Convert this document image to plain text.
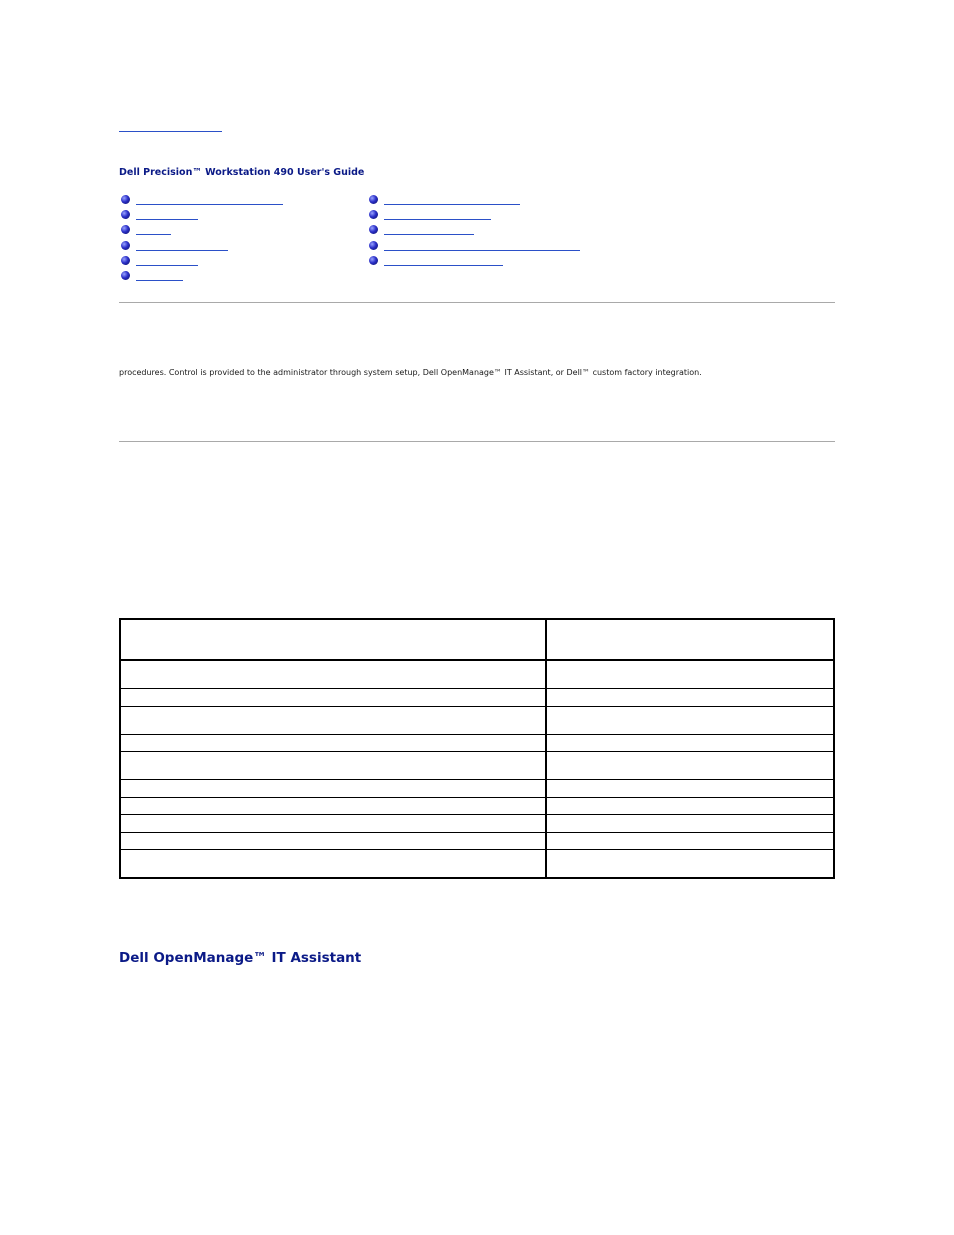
Dell Precision™ Workstation 490 User's Guide
procedures. Control is provided to the administrator through system setup, Dell OpenManage™ IT Assistant, or Dell™ custom factory integration.

Dell OpenManage™ IT Assistant
